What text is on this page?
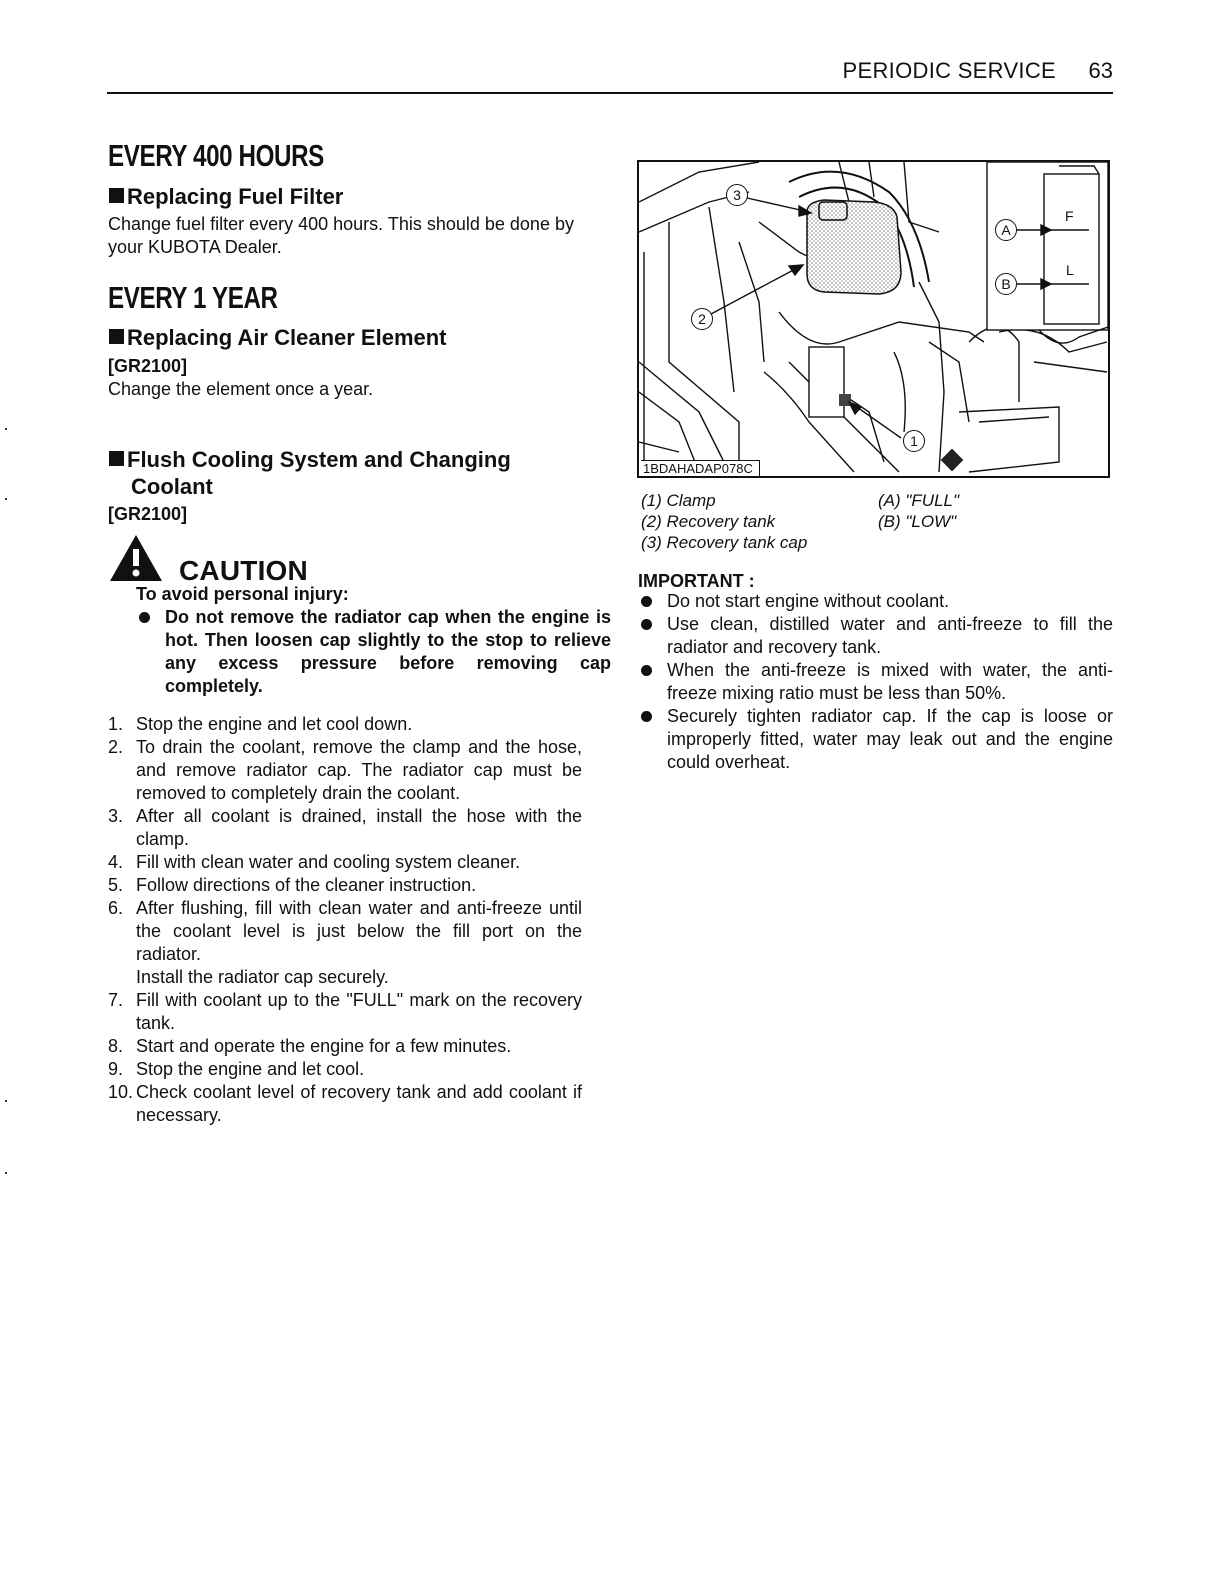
PERIODIC SERVICE 63
EVERY 400 HOURS
Replacing Fuel Filter
Change fuel filter every 400 hours. This should be done by your KUBOTA Dealer.
EVERY 1 YEAR
Replacing Air Cleaner Element
[GR2100]
Change the element once a year.
Flush Cooling System and Changing
Coolant
[GR2100]
CAUTION
To avoid personal injury:
Do not remove the radiator cap when the engine is hot. Then loosen cap slightly to the stop to relieve any excess pressure before removing cap completely.
1. Stop the engine and let cool down.
2. To drain the coolant, remove the clamp and the hose, and remove radiator cap. The radiator cap must be removed to completely drain the coolant.
3. After all coolant is drained, install the hose with the clamp.
4. Fill with clean water and cooling system cleaner.
5. Follow directions of the cleaner instruction.
6. After flushing, fill with clean water and anti-freeze until the coolant level is just below the fill port on the radiator.
Install the radiator cap securely.
7. Fill with coolant up to the "FULL" mark on the recovery tank.
8. Start and operate the engine for a few minutes.
9. Stop the engine and let cool.
10. Check coolant level of recovery tank and add coolant if necessary.
3
2
1
A
B
F
L
1BDAHADAP078C
(1) Clamp
(2) Recovery tank
(3) Recovery tank cap
(A) "FULL"
(B) "LOW"
IMPORTANT :
Do not start engine without coolant.
Use clean, distilled water and anti-freeze to fill the radiator and recovery tank.
When the anti-freeze is mixed with water, the anti-freeze mixing ratio must be less than 50%.
Securely tighten radiator cap. If the cap is loose or improperly fitted, water may leak out and the engine could overheat.
